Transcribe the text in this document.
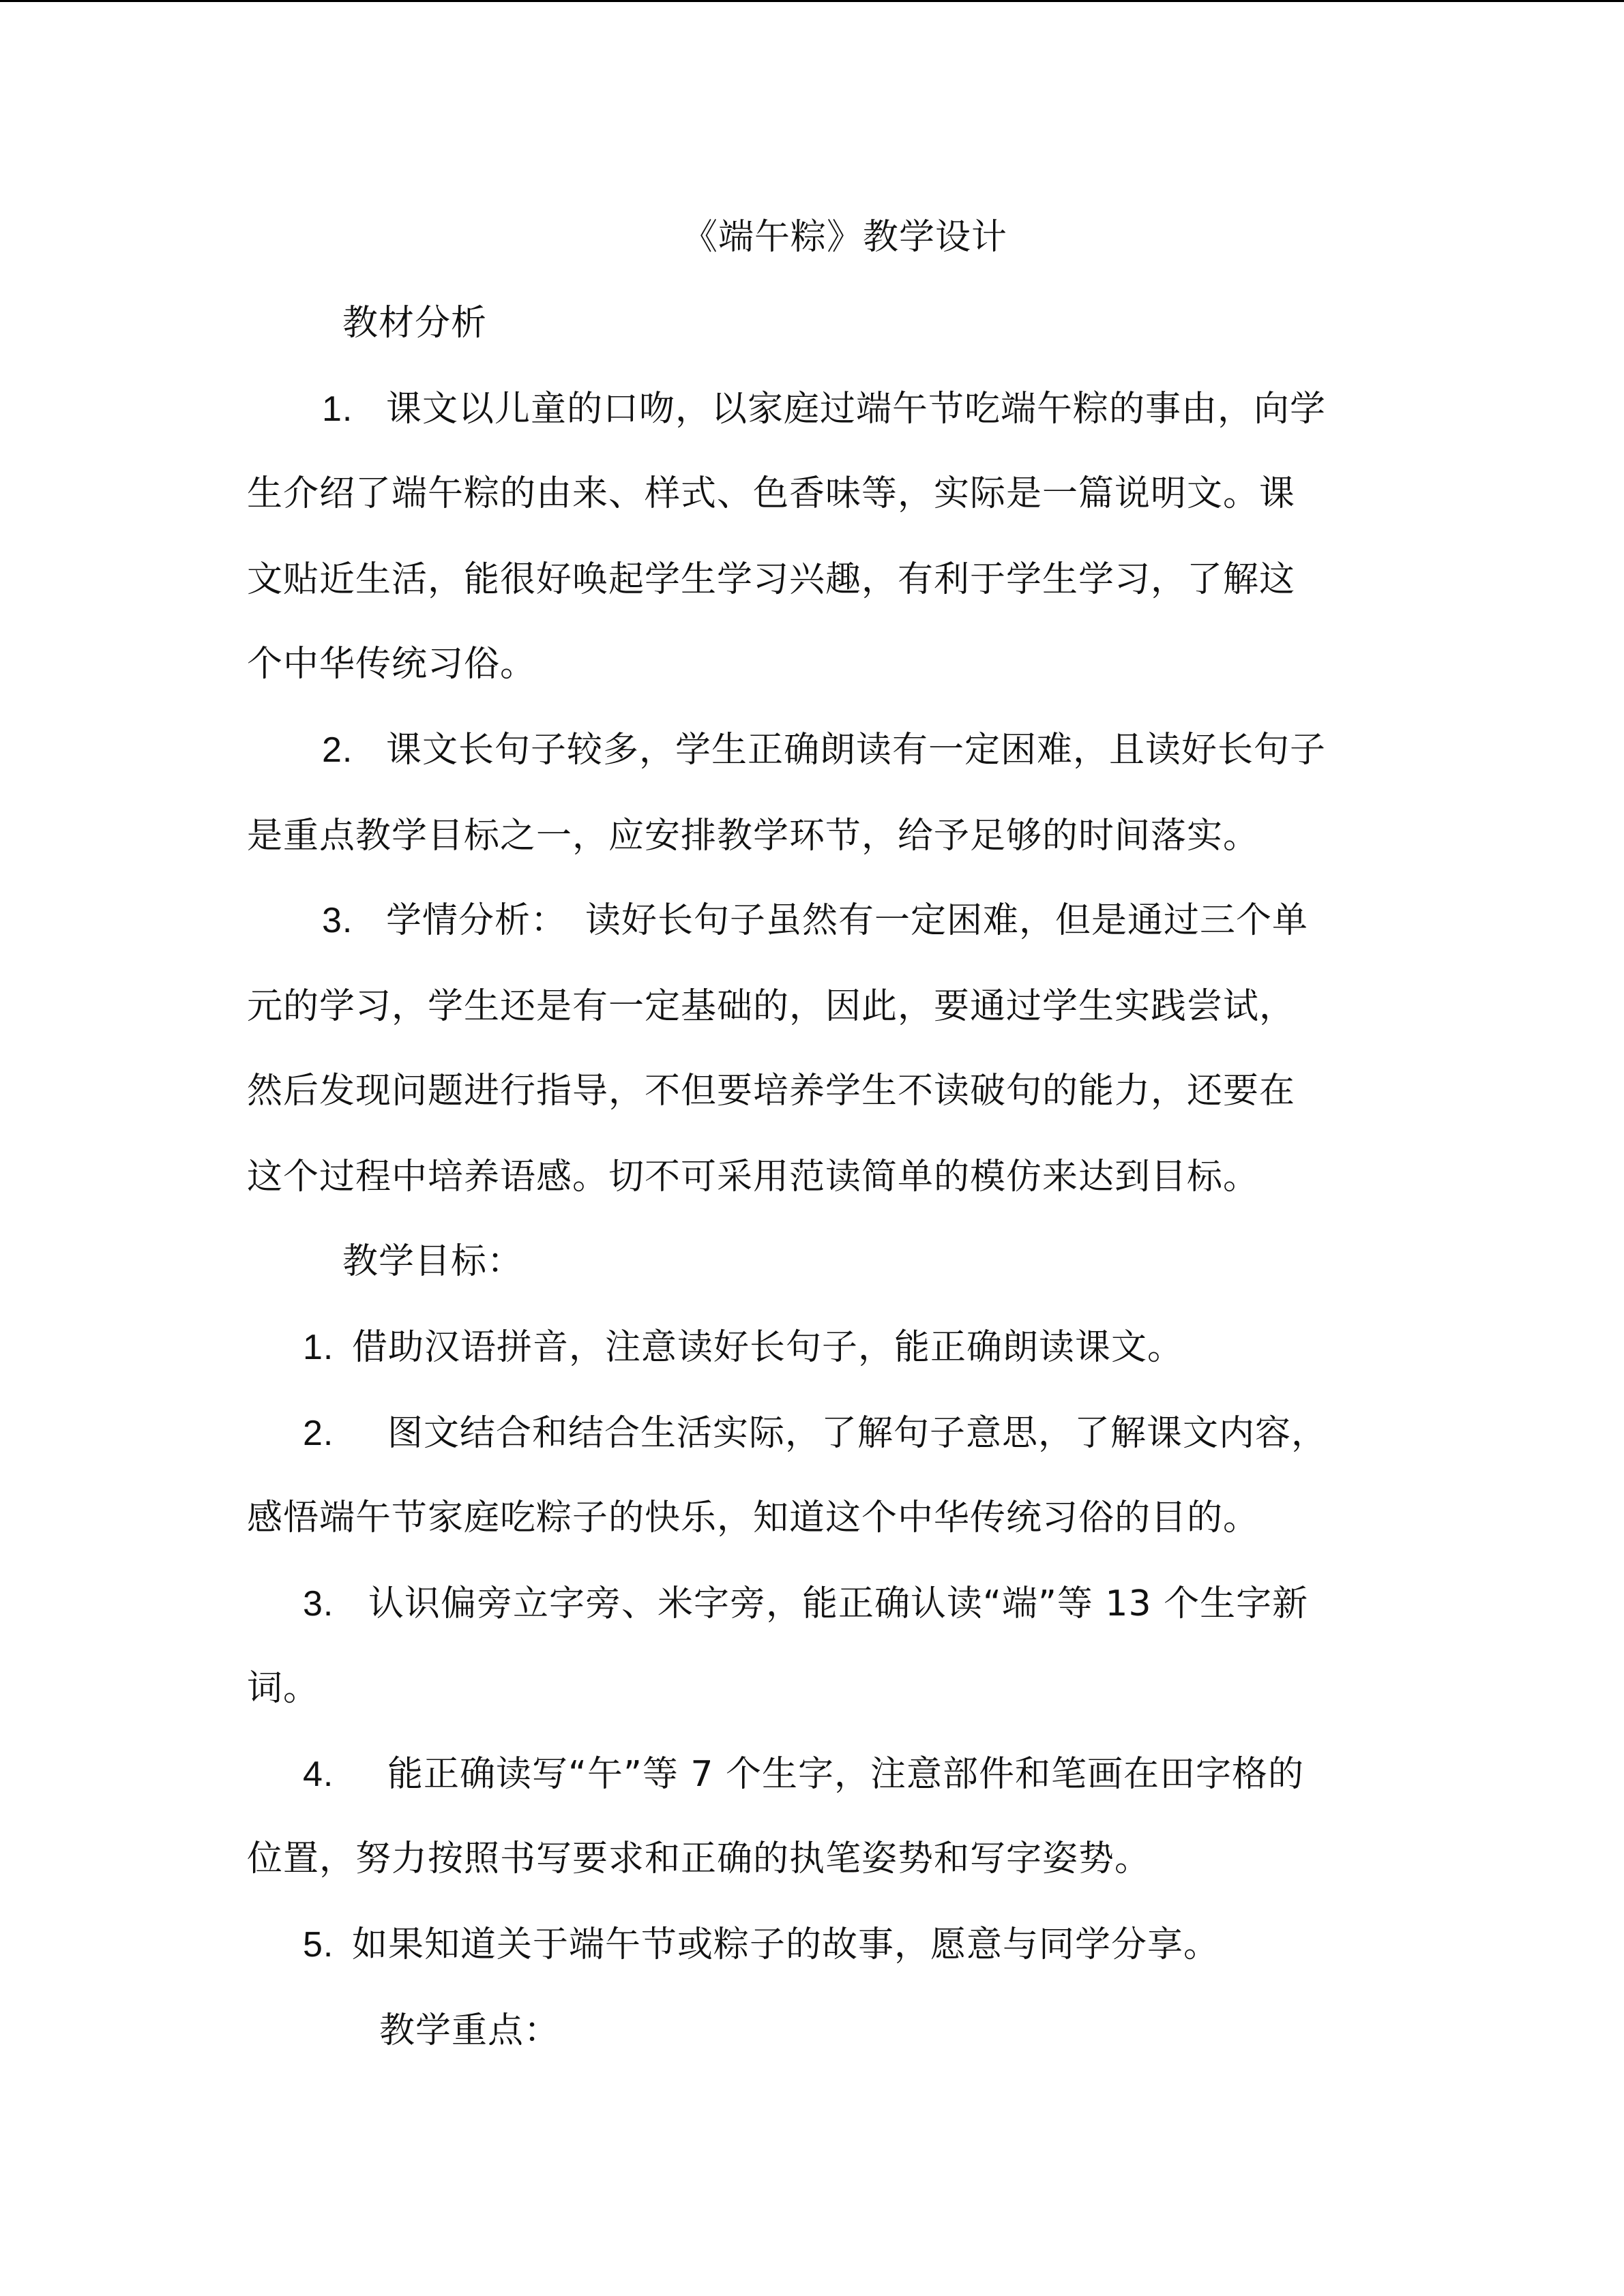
《端午粽》教学设计
教材分析
1. 课文以儿童的口吻，以家庭过端午节吃端午粽的事由，向学
生介绍了端午粽的由来、样式、色香味等，实际是一篇说明文。课
文贴近生活，能很好唤起学生学习兴趣，有利于学生学习，了解这
个中华传统习俗。
2. 课文长句子较多，学生正确朗读有一定困难，且读好长句子
是重点教学目标之一，应安排教学环节，给予足够的时间落实。
3. 学情分析：　读好长句子虽然有一定困难，但是通过三个单
元的学习，学生还是有一定基础的，因此，要通过学生实践尝试，
然后发现问题进行指导，不但要培养学生不读破句的能力，还要在
这个过程中培养语感。切不可采用范读简单的模仿来达到目标。
教学目标：
1. 借助汉语拼音，注意读好长句子，能正确朗读课文。
2. 图文结合和结合生活实际，了解句子意思，了解课文内容，
感悟端午节家庭吃粽子的快乐，知道这个中华传统习俗的目的。
3. 认识偏旁立字旁、米字旁，能正确认读“端”等 13 个生字新
词。
4. 能正确读写“午”等 7 个生字，注意部件和笔画在田字格的
位置，努力按照书写要求和正确的执笔姿势和写字姿势。
5. 如果知道关于端午节或粽子的故事，愿意与同学分享。
教学重点：
